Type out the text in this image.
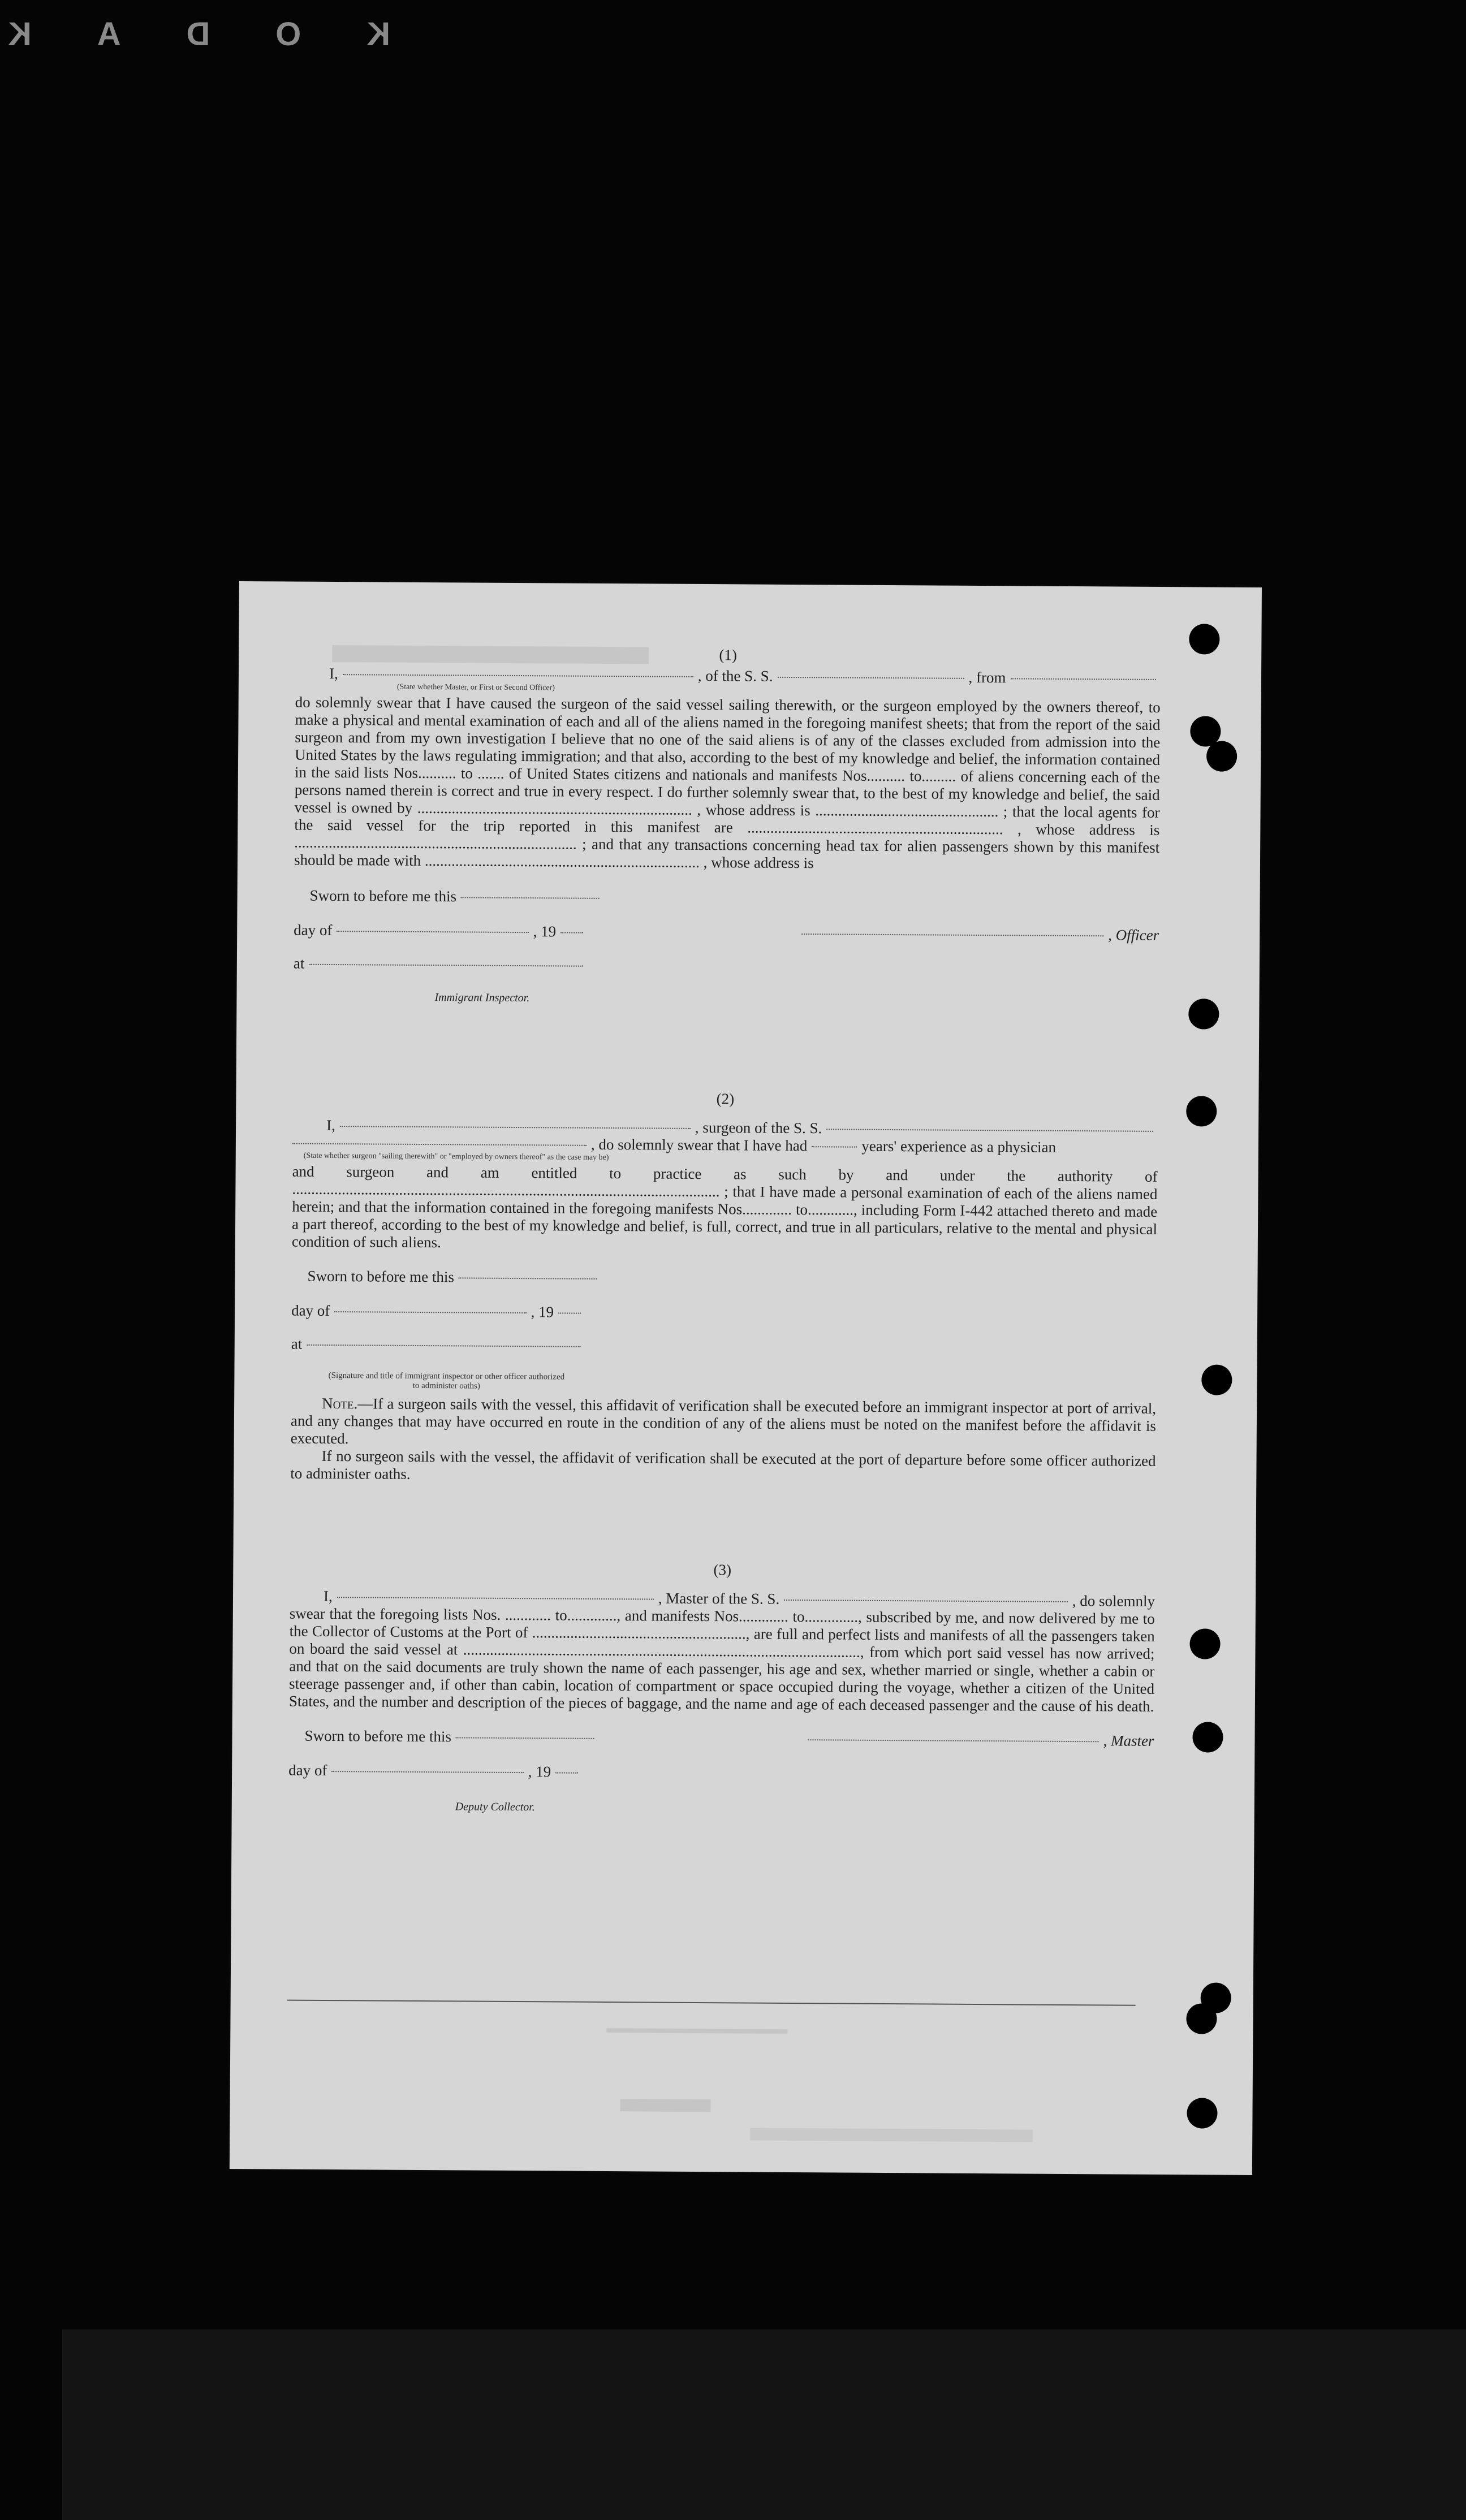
K
O
D
A
K
(1)
I,	, of the S. S.	, from
(State whether Master, or First or Second Officer)
do solemnly swear that I have caused the surgeon of the said vessel sailing therewith, or the surgeon employed by the owners thereof, to make a physical and mental examination of each and all of the aliens named in the foregoing manifest sheets; that from the report of the said surgeon and from my own investigation I believe that no one of the said aliens is of any of the classes excluded from admission into the United States by the laws regulating immigration; and that also, according to the best of my knowledge and belief, the information contained in the said lists Nos.......... to ....... of United States citizens and nationals and manifests Nos.......... to......... of aliens concerning each of the persons named therein is correct and true in every respect. I do further solemnly swear that, to the best of my knowledge and belief, the said vessel is owned by ........................................................................ , whose address is ................................................ ; that the local agents for the said vessel for the trip reported in this manifest are ................................................................... , whose address is .......................................................................... ; and that any transactions concerning head tax for alien passengers shown by this manifest should be made with ........................................................................ , whose address is
Sworn to before me this
day of	, 19	, Officer
at
Immigrant Inspector.
(2)
I,	, surgeon of the S. S.
, do solemnly swear that I have had	years' experience as a physician
(State whether surgeon "sailing therewith" or "employed by owners thereof" as the case may be)
and surgeon and am entitled to practice as such by and under the authority of ................................................................................................................ ; that I have made a personal examination of each of the aliens named herein; and that the information contained in the foregoing manifests Nos............. to............, including Form I-442 attached thereto and made a part thereof, according to the best of my knowledge and belief, is full, correct, and true in all particulars, relative to the mental and physical condition of such aliens.
Sworn to before me this
day of	, 19
at
(Signature and title of immigrant inspector or other officer authorized to administer oaths)
Note.—If a surgeon sails with the vessel, this affidavit of verification shall be executed before an immigrant inspector at port of arrival, and any changes that may have occurred en route in the condition of any of the aliens must be noted on the manifest before the affidavit is executed.
If no surgeon sails with the vessel, the affidavit of verification shall be executed at the port of departure before some officer authorized to administer oaths.
(3)
I,	, Master of the S. S.	, do solemnly
swear that the foregoing lists Nos. ............ to............., and manifests Nos............. to.............., subscribed by me, and now delivered by me to the Collector of Customs at the Port of ........................................................, are full and perfect lists and manifests of all the passengers taken on board the said vessel at ........................................................................................................, from which port said vessel has now arrived; and that on the said documents are truly shown the name of each passenger, his age and sex, whether married or single, whether a cabin or steerage passenger and, if other than cabin, location of compartment or space occupied during the voyage, whether a citizen of the United States, and the number and description of the pieces of baggage, and the name and age of each deceased passenger and the cause of his death.
Sworn to before me this	, Master
day of	, 19
Deputy Collector.
